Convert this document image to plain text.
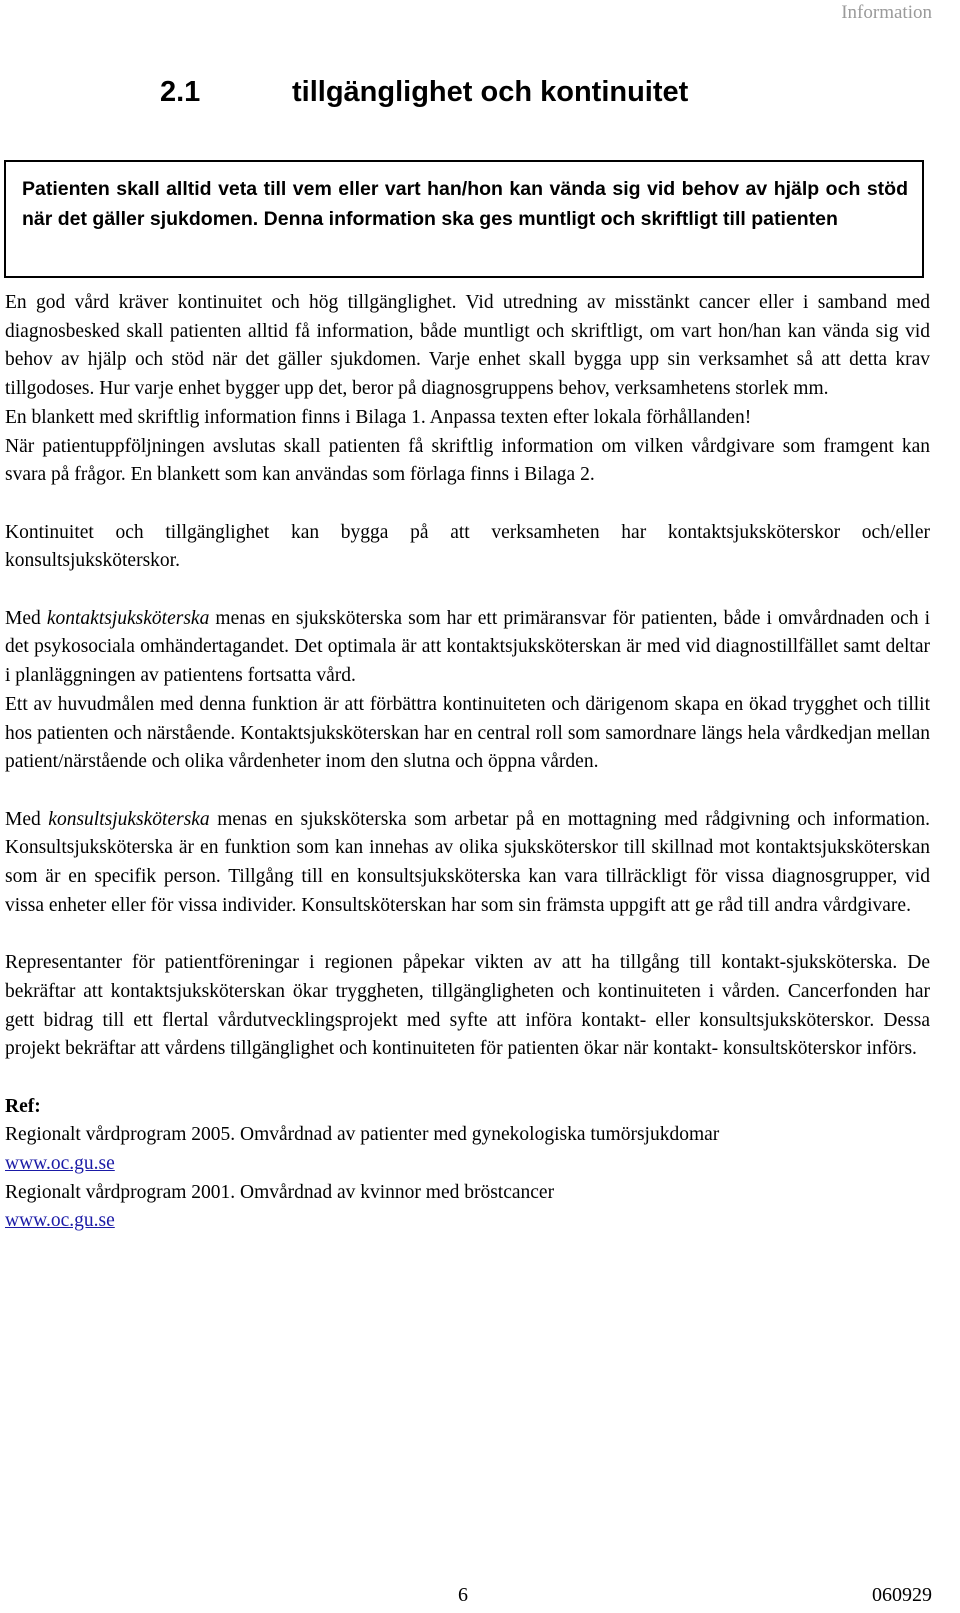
Information
2.1	tillgänglighet och kontinuitet
Patienten skall alltid veta till vem eller vart han/hon kan vända sig vid behov av hjälp och stöd när det gäller sjukdomen. Denna information ska ges muntligt och skriftligt till patienten

En god vård kräver kontinuitet och hög tillgänglighet. Vid utredning av misstänkt cancer eller i samband med diagnosbesked skall patienten alltid få information, både muntligt och skriftligt, om vart hon/han kan vända sig vid behov av hjälp och stöd när det gäller sjukdomen. Varje enhet skall bygga upp sin verksamhet så att detta krav tillgodoses. Hur varje enhet bygger upp det, beror på diagnosgruppens behov, verksamhetens storlek mm.

En blankett med skriftlig information finns i Bilaga 1. Anpassa texten efter lokala förhållanden!

När patientuppföljningen avslutas skall patienten få skriftlig information om vilken vårdgivare som framgent kan svara på frågor. En blankett som kan användas som förlaga finns i Bilaga 2.

Kontinuitet och tillgänglighet kan bygga på att verksamheten har kontaktsjuksköterskor och/eller konsultsjuksköterskor.

Med kontaktsjuksköterska menas en sjuksköterska som har ett primäransvar för patienten, både i omvårdnaden och i det psykosociala omhändertagandet. Det optimala är att kontaktsjuksköterskan är med vid diagnostillfället samt deltar i planläggningen av patientens fortsatta vård.

Ett av huvudmålen med denna funktion är att förbättra kontinuiteten och därigenom skapa en ökad trygghet och tillit hos patienten och närstående. Kontaktsjuksköterskan har en central roll som samordnare längs hela vårdkedjan mellan patient/närstående och olika vårdenheter inom den slutna och öppna vården.

Med konsultsjuksköterska menas en sjuksköterska som arbetar på en mottagning med rådgivning och information. Konsultsjuksköterska är en funktion som kan innehas av olika sjuksköterskor till skillnad mot kontaktsjuksköterskan som är en specifik person. Tillgång till en konsultsjuksköterska kan vara tillräckligt för vissa diagnosgrupper, vid vissa enheter eller för vissa individer. Konsultsköterskan har som sin främsta uppgift att ge råd till andra vårdgivare.

Representanter för patientföreningar i regionen påpekar vikten av att ha tillgång till kontakt-sjuksköterska. De bekräftar att kontaktsjuksköterskan ökar tryggheten, tillgängligheten och kontinuiteten i vården. Cancerfonden har gett bidrag till ett flertal vårdutvecklingsprojekt med syfte att införa kontakt- eller konsultsjuksköterskor. Dessa projekt bekräftar att vårdens tillgänglighet och kontinuiteten för patienten ökar när kontakt- konsultsköterskor införs.

Ref:
Regionalt vårdprogram 2005. Omvårdnad av patienter med gynekologiska tumörsjukdomar
www.oc.gu.se
Regionalt vårdprogram 2001. Omvårdnad av kvinnor med bröstcancer
www.oc.gu.se
6	060929
